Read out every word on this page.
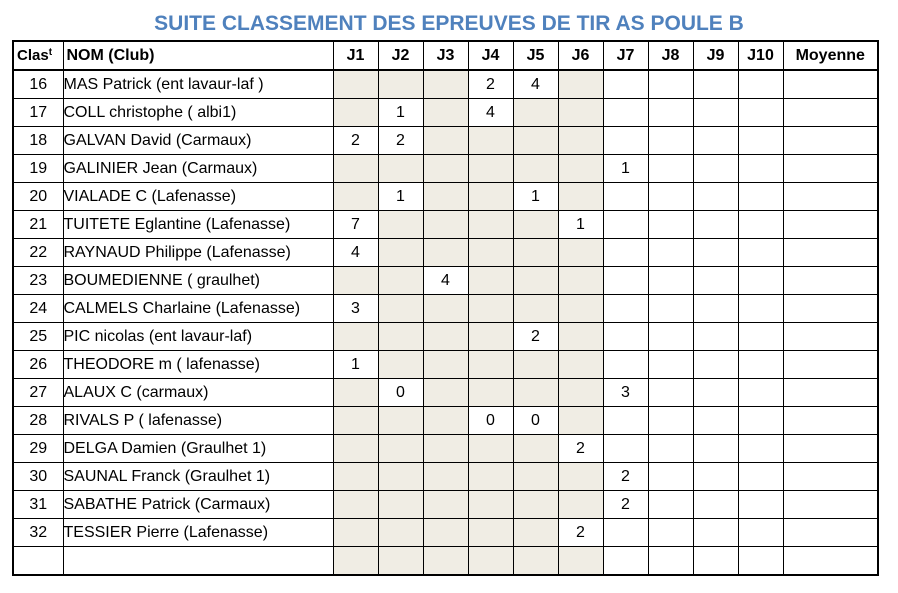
SUITE CLASSEMENT DES EPREUVES DE TIR AS POULE B
Clas$^t$	NOM (Club)	J1	J2	J3	J4	J5	J6	J7	J8	J9	J10	Moyenne
16	MAS Patrick (ent lavaur-laf )				2	4						
17	COLL christophe ( albi1)		1		4							
18	GALVAN David (Carmaux)	2	2									
19	GALINIER Jean (Carmaux)							1				
20	VIALADE C (Lafenasse)		1			1						
21	TUITETE Eglantine (Lafenasse)	7					1					
22	RAYNAUD Philippe (Lafenasse)	4										
23	BOUMEDIENNE ( graulhet)			4								
24	CALMELS Charlaine (Lafenasse)	3										
25	PIC nicolas (ent lavaur-laf)					2						
26	THEODORE m ( lafenasse)	1										
27	ALAUX C (carmaux)		0					3				
28	RIVALS P ( lafenasse)				0	0						
29	DELGA Damien (Graulhet 1)						2					
30	SAUNAL Franck (Graulhet 1)							2				
31	SABATHE Patrick (Carmaux)							2				
32	TESSIER Pierre (Lafenasse)						2					
